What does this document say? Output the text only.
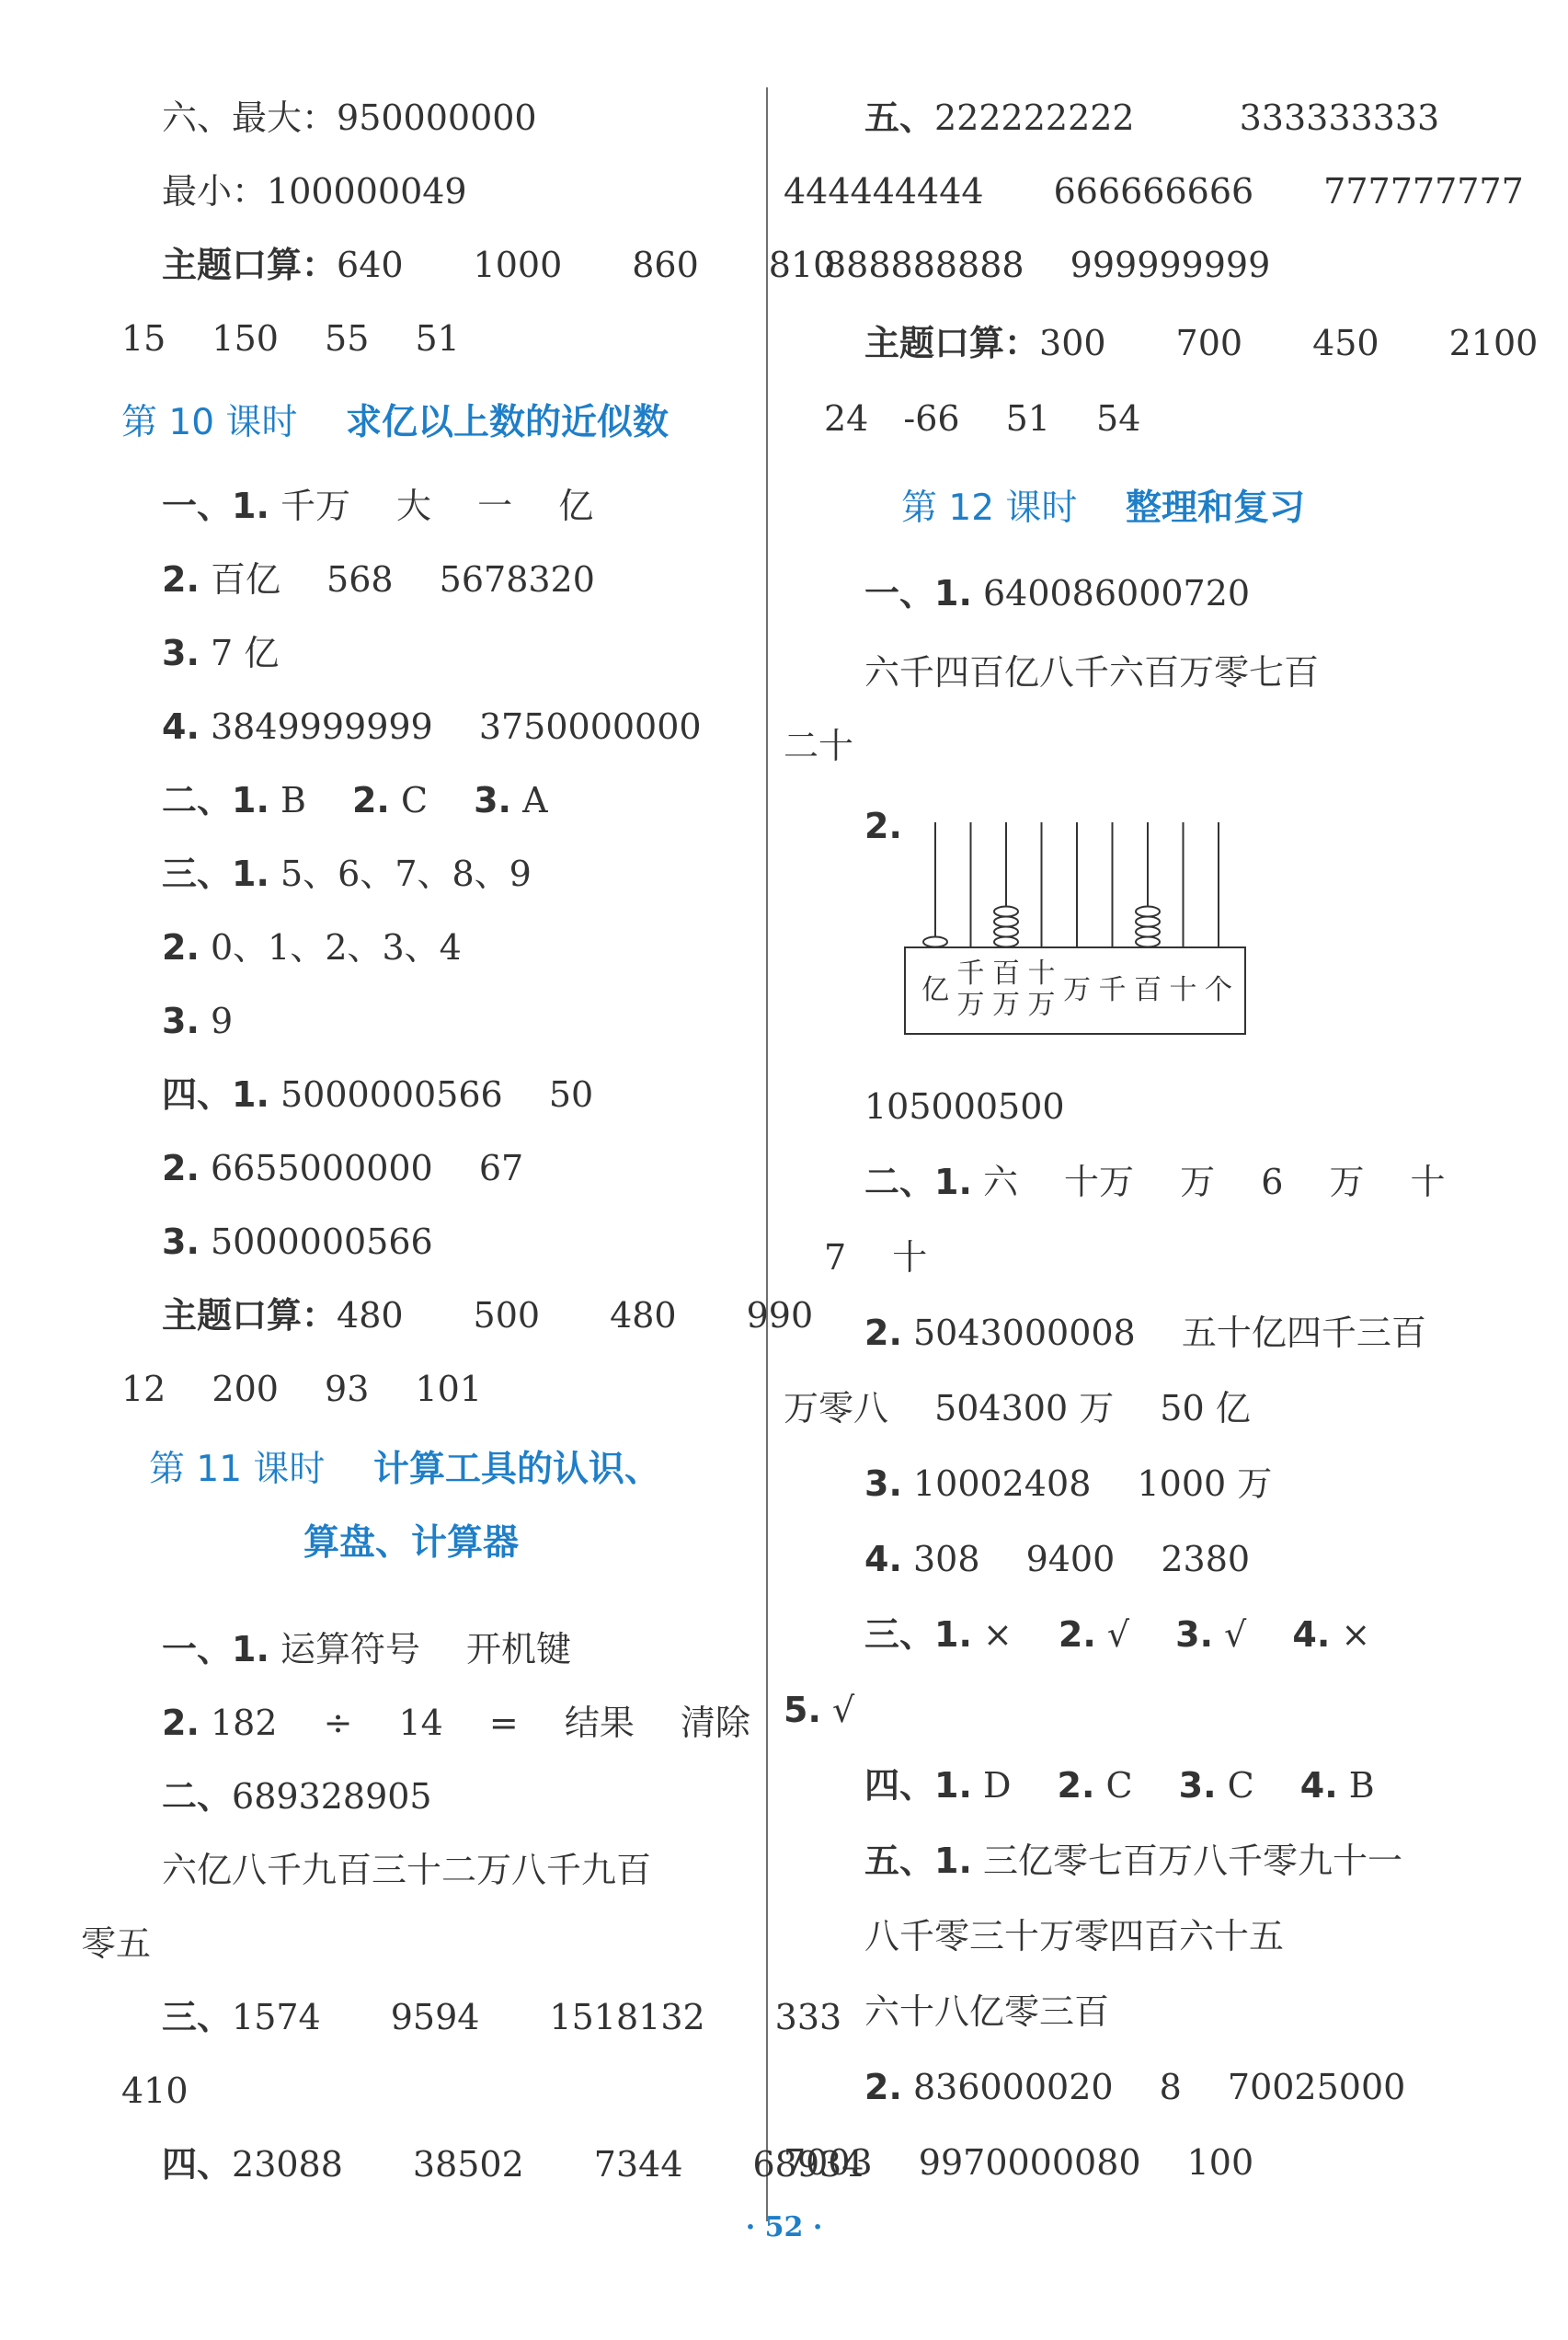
六、最大：950000000
最小：100000049
主题口算：640　　1000　　860　　810
15　 150　 55　 51
第 10 课时　 求亿以上数的近似数
一、1. 千万　 大　 一　 亿
2. 百亿　 568　 5678320
3. 7 亿
4. 3849999999　 3750000000
二、1. B　 2. C　 3. A
三、1. 5、6、7、8、9
2. 0、1、2、3、4
3. 9
四、1. 5000000566　 50
2. 6655000000　 67
3. 5000000566
主题口算：480　　500　　480　　990
12　 200　 93　 101
第 11 课时　 计算工具的认识、
算盘、计算器
一、1. 运算符号　 开机键
2. 182　 ÷　 14　 =　 结果　 清除
二、689328905
六亿八千九百三十二万八千九百
零五
三、1574　　9594　　1518132　　333
410
四、23088　　38502　　7344　　68934
五、222222222　　　333333333
444444444　　666666666　　777777777
888888888　 999999999
主题口算：300　　700　　450　　2100
24　-66　 51　 54
第 12 课时　 整理和复习
一、1. 640086000720
六千四百亿八千六百万零七百
二十
2.
105000500
二、1. 六　 十万　 万　 6　 万　 十
7　 十
2. 5043000008　 五十亿四千三百
万零八　 504300 万　 50 亿
3. 10002408　 1000 万
4. 308　 9400　 2380
三、1. ×　 2. √　 3. √　 4. ×
5. √
四、1. D　 2. C　 3. C　 4. B
五、1. 三亿零七百万八千零九十一
八千零三十万零四百六十五
六十八亿零三百
2. 836000020　 8　 70025000
7003　 9970000080　 100
亿
千
万
百
万
十
万 万 千 百 十 个
· 52 ·
